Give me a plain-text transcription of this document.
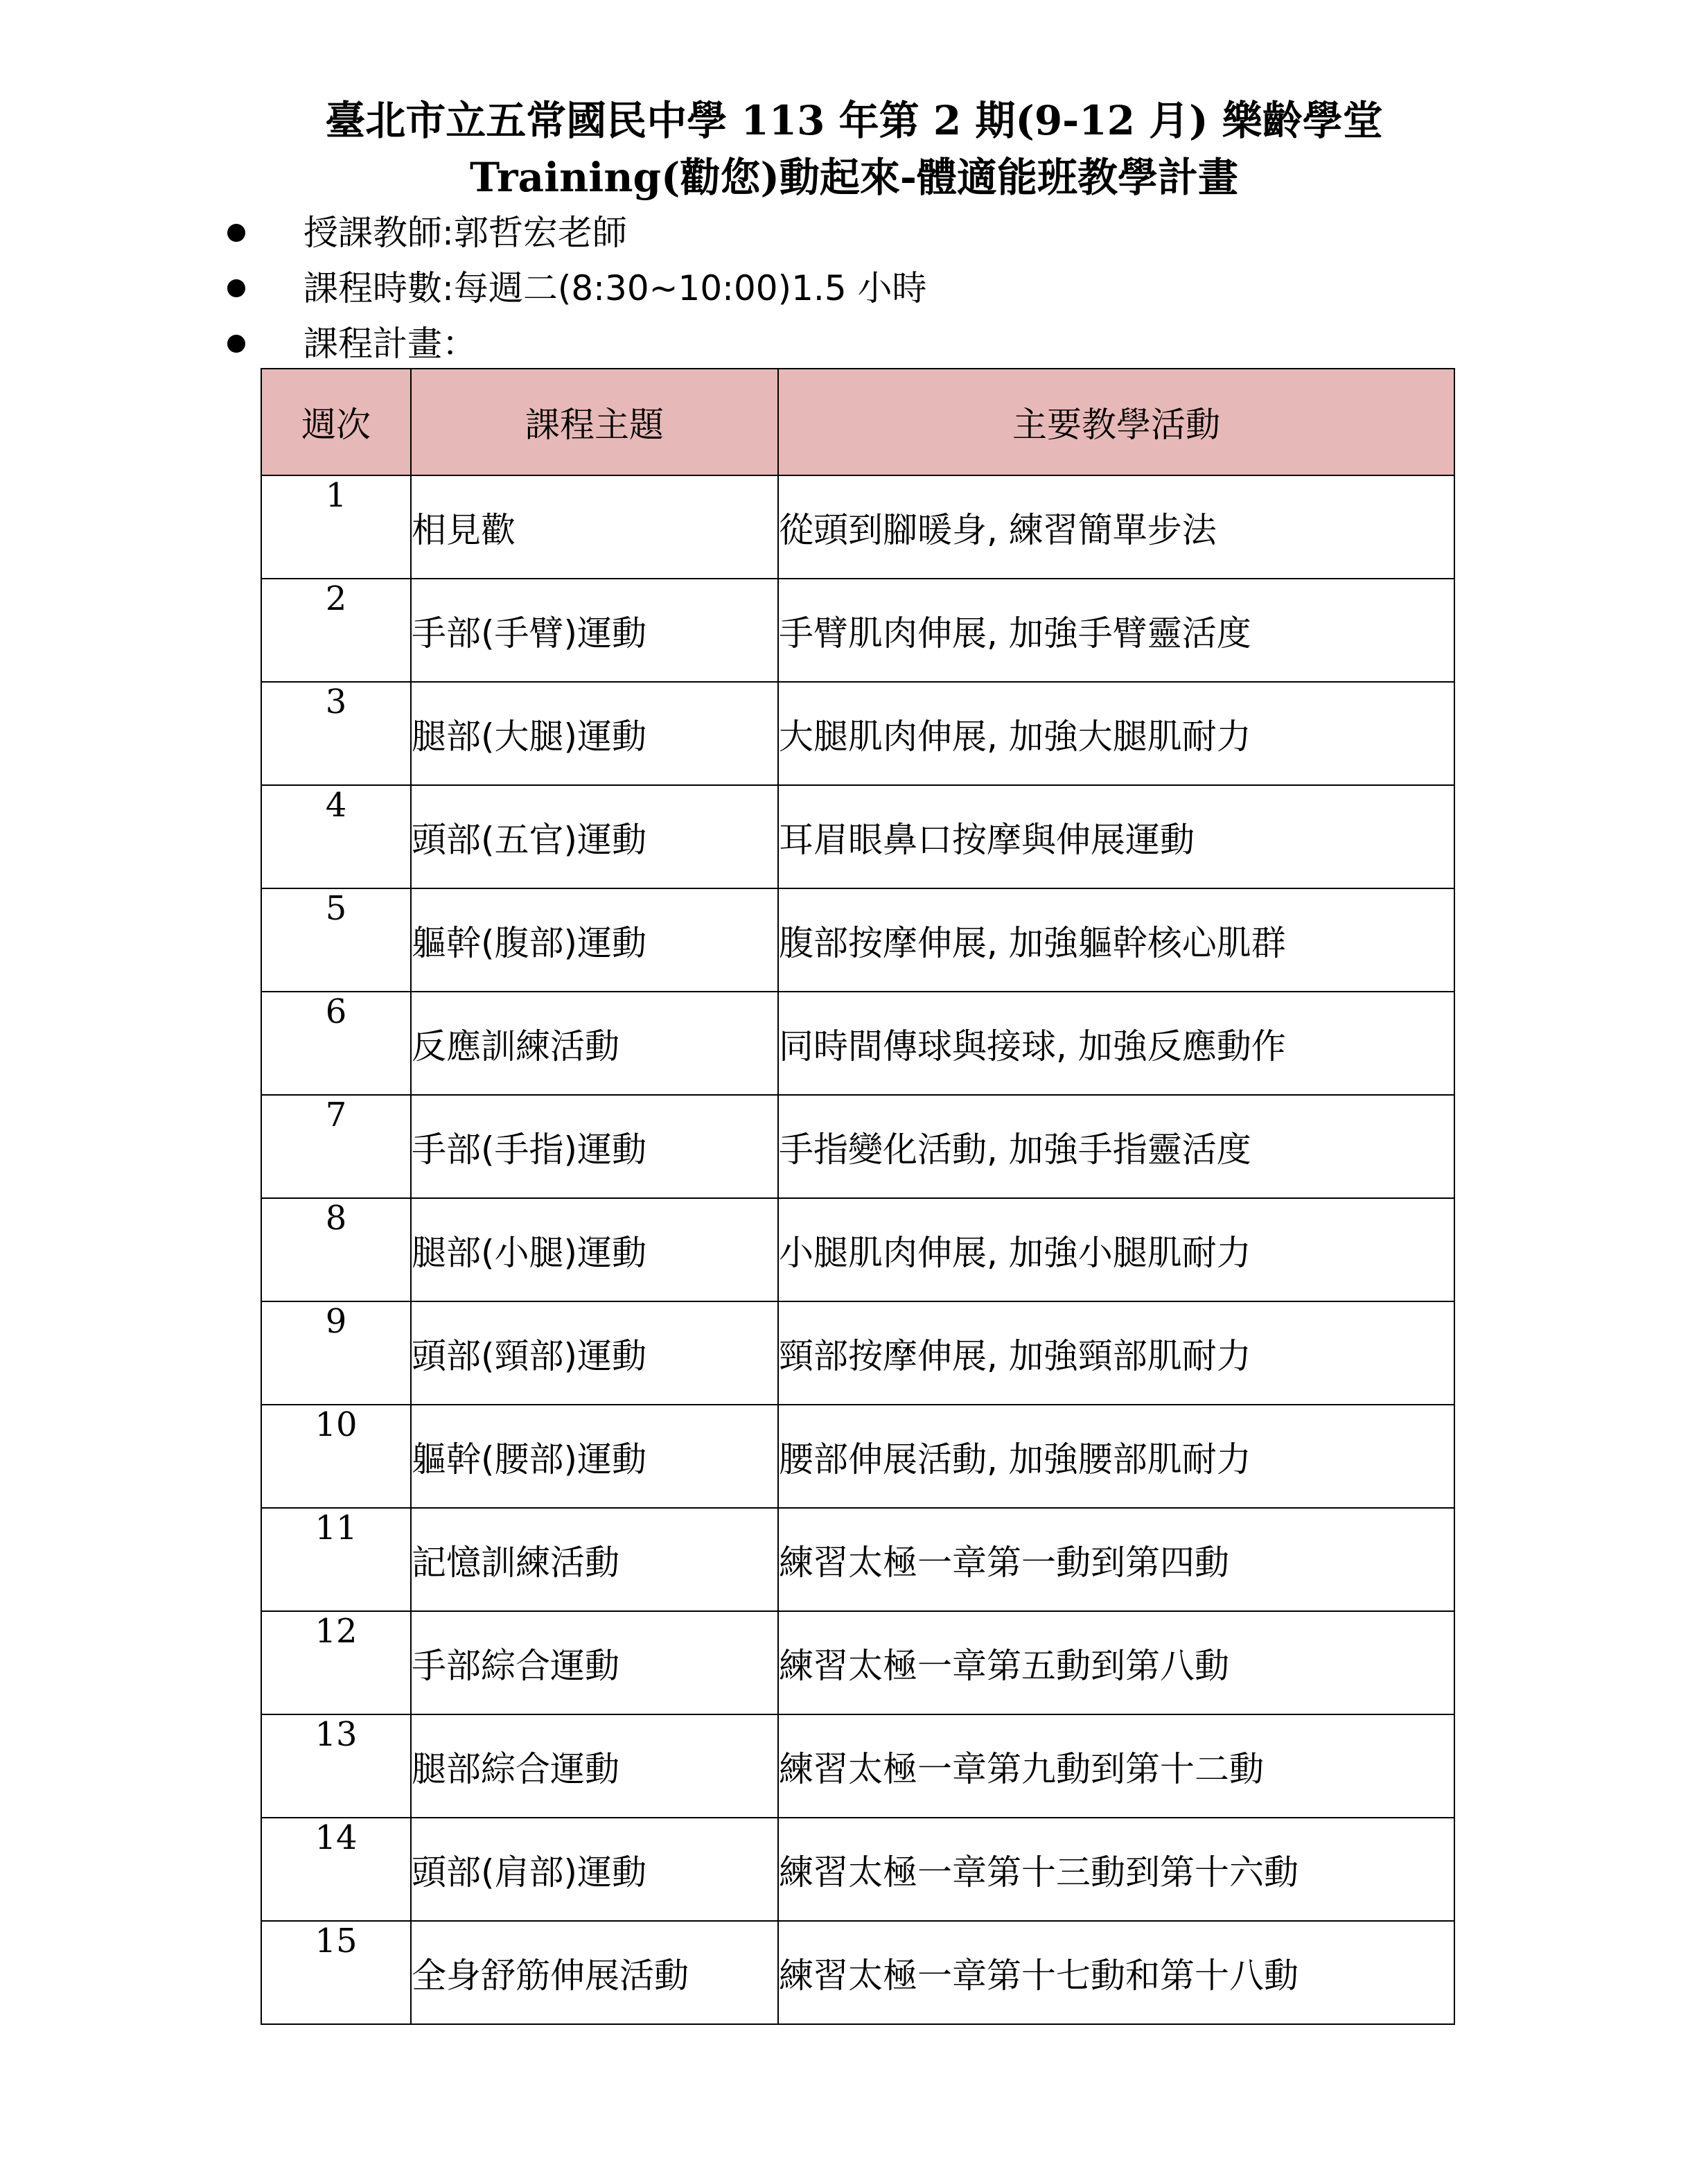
臺北市立五常國民中學 113 年第 2 期(9-12 月) 樂齡學堂
Training(勸您)動起來-體適能班教學計畫
授課教師:郭哲宏老師
課程時數:每週二(8:30~10:00)1.5 小時
課程計畫：
週次	課程主題	主要教學活動
1	相見歡	從頭到腳暖身, 練習簡單步法
2	手部(手臂)運動	手臂肌肉伸展, 加強手臂靈活度
3	腿部(大腿)運動	大腿肌肉伸展, 加強大腿肌耐力
4	頭部(五官)運動	耳眉眼鼻口按摩與伸展運動
5	軀幹(腹部)運動	腹部按摩伸展, 加強軀幹核心肌群
6	反應訓練活動	同時間傳球與接球, 加強反應動作
7	手部(手指)運動	手指變化活動, 加強手指靈活度
8	腿部(小腿)運動	小腿肌肉伸展, 加強小腿肌耐力
9	頭部(頸部)運動	頸部按摩伸展, 加強頸部肌耐力
10	軀幹(腰部)運動	腰部伸展活動, 加強腰部肌耐力
11	記憶訓練活動	練習太極一章第一動到第四動
12	手部綜合運動	練習太極一章第五動到第八動
13	腿部綜合運動	練習太極一章第九動到第十二動
14	頭部(肩部)運動	練習太極一章第十三動到第十六動
15	全身舒筋伸展活動	練習太極一章第十七動和第十八動
